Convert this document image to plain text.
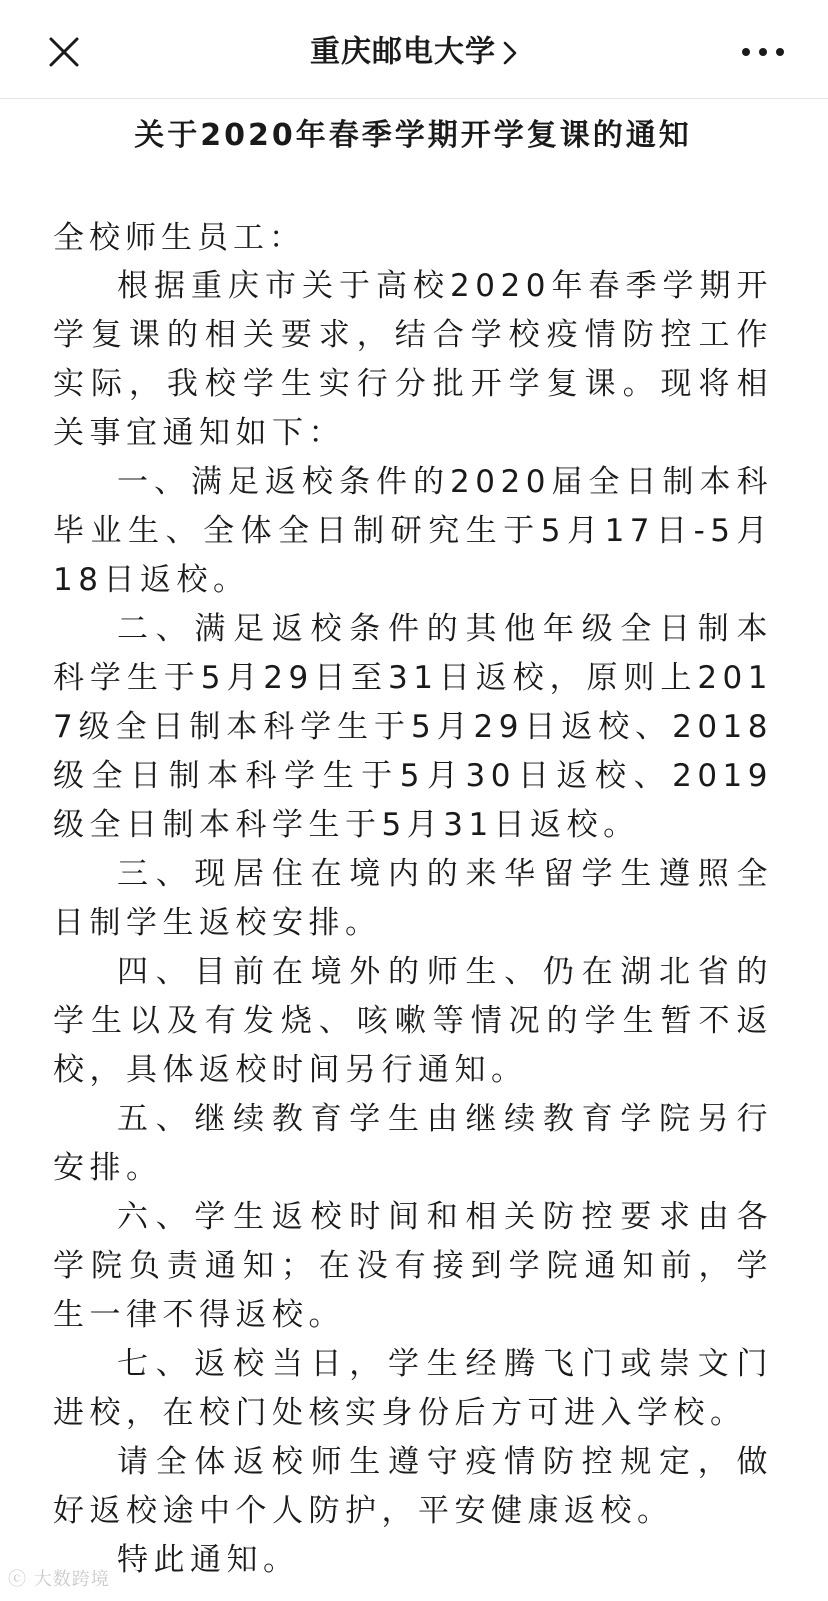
重庆邮电大学
关于2020年春季学期开学复课的通知

全校师生员工：

根据重庆市关于高校2020年春季学期开学复课的相关要求，结合学校疫情防控工作实际，我校学生实行分批开学复课。现将相关事宜通知如下：

一、满足返校条件的2020届全日制本科毕业生、全体全日制研究生于5月17日-5月18日返校。

二、满足返校条件的其他年级全日制本科学生于5月29日至31日返校，原则上2017级全日制本科学生于5月29日返校、2018级全日制本科学生于5月30日返校、2019级全日制本科学生于5月31日返校。

三、现居住在境内的来华留学生遵照全日制学生返校安排。

四、目前在境外的师生、仍在湖北省的学生以及有发烧、咳嗽等情况的学生暂不返校，具体返校时间另行通知。

五、继续教育学生由继续教育学院另行安排。

六、学生返校时间和相关防控要求由各学院负责通知；在没有接到学院通知前，学生一律不得返校。

七、返校当日，学生经腾飞门或崇文门进校，在校门处核实身份后方可进入学校。

请全体返校师生遵守疫情防控规定，做好返校途中个人防护，平安健康返校。

特此通知。

ⓒ 大数跨境
